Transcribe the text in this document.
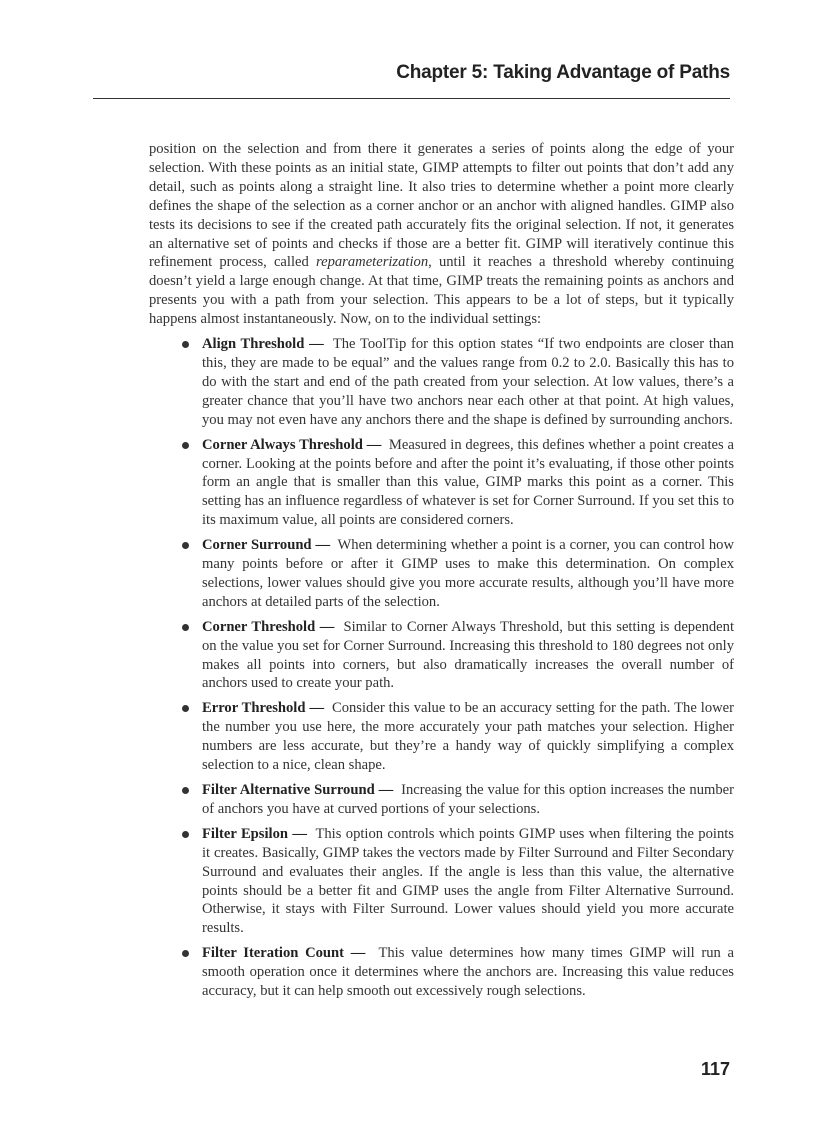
Chapter 5: Taking Advantage of Paths

position on the selection and from there it generates a series of points along the edge of your selection. With these points as an initial state, GIMP attempts to filter out points that don’t add any detail, such as points along a straight line. It also tries to determine whether a point more clearly defines the shape of the selection as a corner anchor or an anchor with aligned handles. GIMP also tests its decisions to see if the created path accurately fits the original selection. If not, it generates an alternative set of points and checks if those are a better fit. GIMP will iteratively continue this refinement process, called reparameterization, until it reaches a threshold whereby continuing doesn’t yield a large enough change. At that time, GIMP treats the remaining points as anchors and presents you with a path from your selection. This appears to be a lot of steps, but it typically happens almost instantaneously. Now, on to the individual settings:

Align Threshold — The ToolTip for this option states “If two endpoints are closer than this, they are made to be equal” and the values range from 0.2 to 2.0. Basically this has to do with the start and end of the path created from your selection. At low values, there’s a greater chance that you’ll have two anchors near each other at that point. At high values, you may not even have any anchors there and the shape is defined by surrounding anchors.
Corner Always Threshold — Measured in degrees, this defines whether a point creates a corner. Looking at the points before and after the point it’s evaluating, if those other points form an angle that is smaller than this value, GIMP marks this point as a corner. This setting has an influence regardless of whatever is set for Corner Surround. If you set this to its maximum value, all points are considered corners.
Corner Surround — When determining whether a point is a corner, you can control how many points before or after it GIMP uses to make this determination. On complex selections, lower values should give you more accurate results, although you’ll have more anchors at detailed parts of the selection.
Corner Threshold — Similar to Corner Always Threshold, but this setting is dependent on the value you set for Corner Surround. Increasing this threshold to 180 degrees not only makes all points into corners, but also dramatically increases the overall number of anchors used to create your path.
Error Threshold — Consider this value to be an accuracy setting for the path. The lower the number you use here, the more accurately your path matches your selection. Higher numbers are less accurate, but they’re a handy way of quickly simplifying a complex selection to a nice, clean shape.
Filter Alternative Surround — Increasing the value for this option increases the number of anchors you have at curved portions of your selections.
Filter Epsilon — This option controls which points GIMP uses when filtering the points it creates. Basically, GIMP takes the vectors made by Filter Surround and Filter Secondary Surround and evaluates their angles. If the angle is less than this value, the alternative points should be a better fit and GIMP uses the angle from Filter Alternative Surround. Otherwise, it stays with Filter Surround. Lower values should yield you more accurate results.
Filter Iteration Count — This value determines how many times GIMP will run a smooth operation once it determines where the anchors are. Increasing this value reduces accuracy, but it can help smooth out excessively rough selections.
117
